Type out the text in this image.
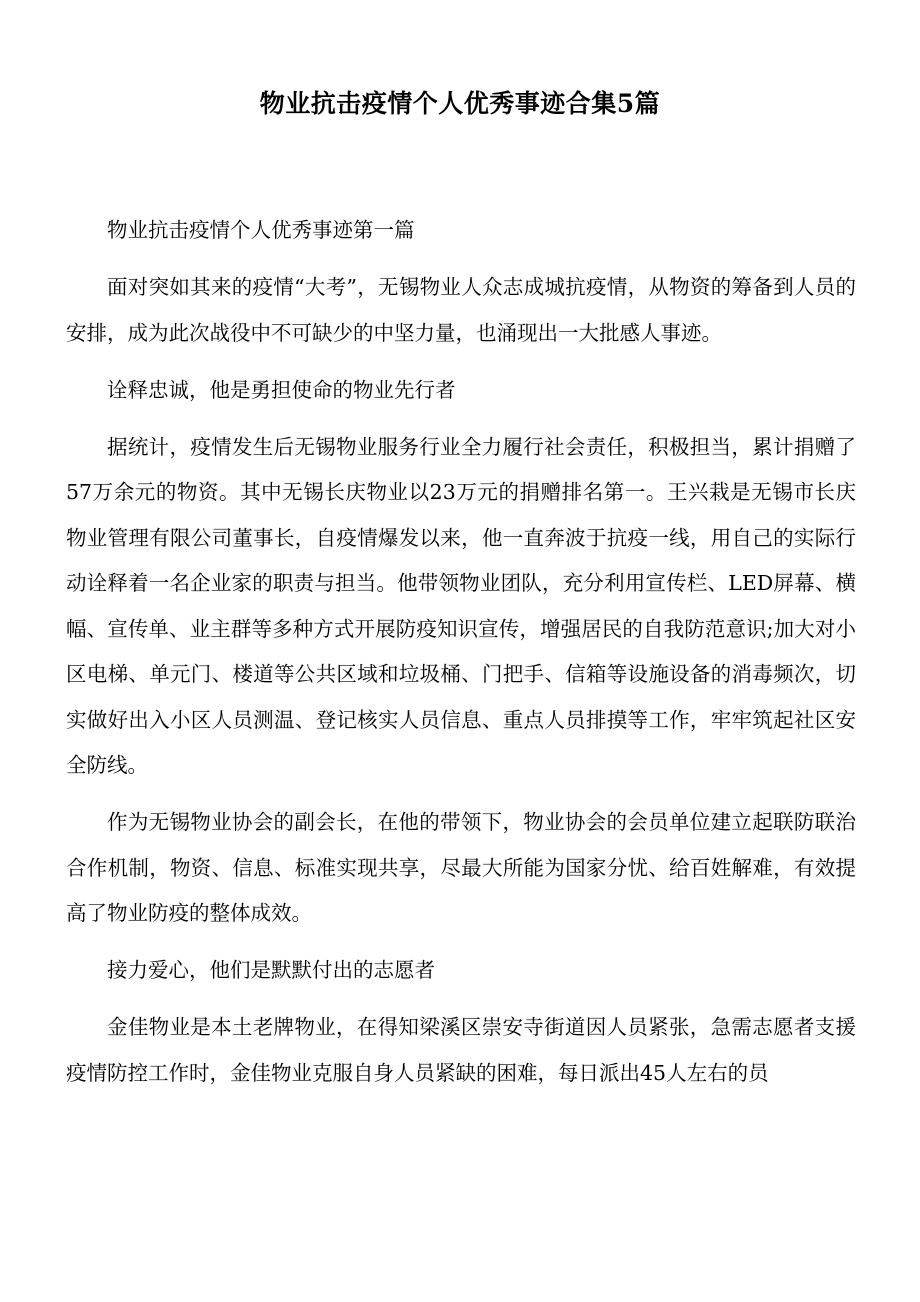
物业抗击疫情个人优秀事迹合集5篇

物业抗击疫情个人优秀事迹第一篇

面对突如其来的疫情“大考”，无锡物业人众志成城抗疫情，从物资的筹备到人员的安排，成为此次战役中不可缺少的中坚力量，也涌现出一大批感人事迹。

诠释忠诚，他是勇担使命的物业先行者

据统计，疫情发生后无锡物业服务行业全力履行社会责任，积极担当，累计捐赠了57万余元的物资。其中无锡长庆物业以23万元的捐赠排名第一。王兴栽是无锡市长庆物业管理有限公司董事长，自疫情爆发以来，他一直奔波于抗疫一线，用自己的实际行动诠释着一名企业家的职责与担当。他带领物业团队，充分利用宣传栏、LED屏幕、横幅、宣传单、业主群等多种方式开展防疫知识宣传，增强居民的自我防范意识;加大对小区电梯、单元门、楼道等公共区域和垃圾桶、门把手、信箱等设施设备的消毒频次，切实做好出入小区人员测温、登记核实人员信息、重点人员排摸等工作，牢牢筑起社区安全防线。

作为无锡物业协会的副会长，在他的带领下，物业协会的会员单位建立起联防联治合作机制，物资、信息、标准实现共享，尽最大所能为国家分忧、给百姓解难，有效提高了物业防疫的整体成效。

接力爱心，他们是默默付出的志愿者

金佳物业是本土老牌物业，在得知梁溪区崇安寺街道因人员紧张，急需志愿者支援疫情防控工作时，金佳物业克服自身人员紧缺的困难，每日派出45人左右的员
